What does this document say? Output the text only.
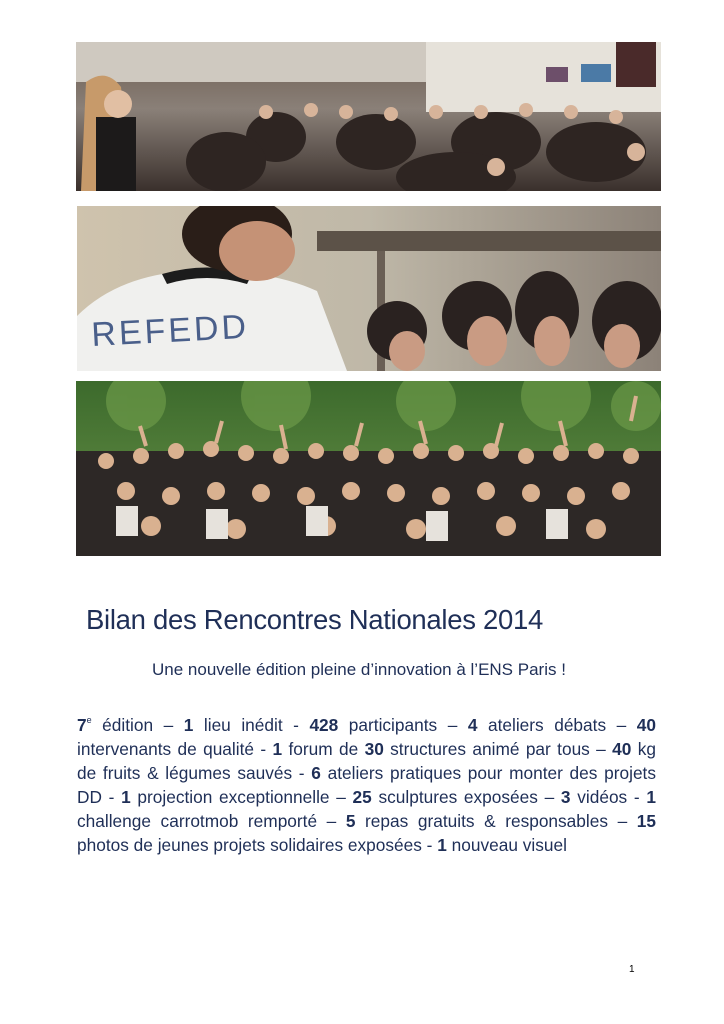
REFEDD
Bilan des Rencontres Nationales 2014

Une nouvelle édition pleine d’innovation à l’ENS Paris !

7e édition – 1 lieu inédit - 428 participants – 4 ateliers débats – 40 intervenants de qualité - 1 forum de 30 structures animé par tous – 40 kg de fruits & légumes sauvés - 6 ateliers pratiques pour monter des projets DD - 1 projection exceptionnelle – 25 sculptures exposées – 3 vidéos - 1 challenge carrotmob remporté – 5 repas gratuits & responsables – 15 photos de jeunes projets solidaires exposées - 1 nouveau visuel

1
